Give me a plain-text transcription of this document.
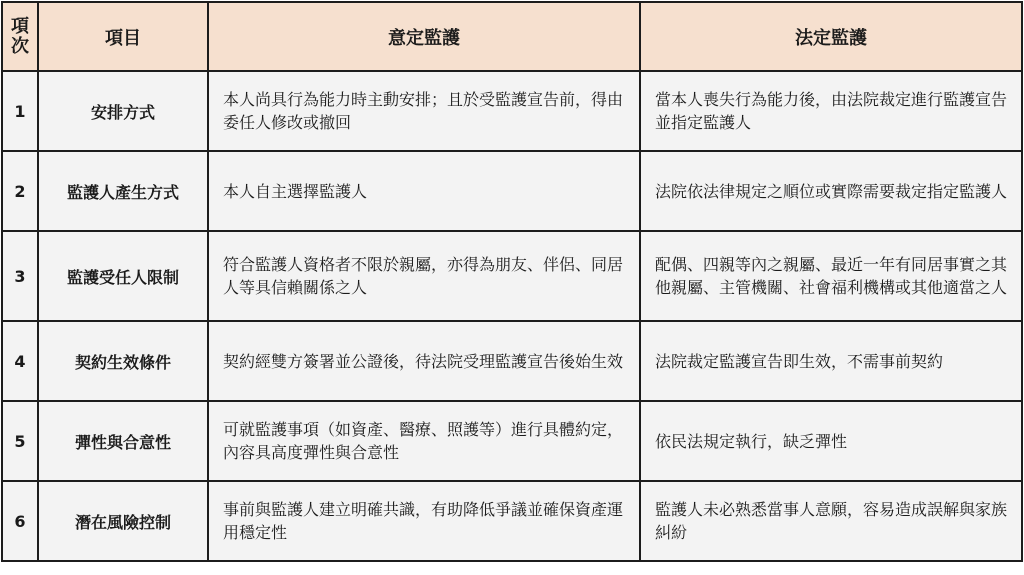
項次	項目	意定監護	法定監護
1	安排方式	本人尚具行為能力時主動安排；且於受監護宣告前，得由委任人修改或撤回	當本人喪失行為能力後，由法院裁定進行監護宣告並指定監護人
2	監護人產生方式	本人自主選擇監護人	法院依法律規定之順位或實際需要裁定指定監護人
3	監護受任人限制	符合監護人資格者不限於親屬，亦得為朋友、伴侶、同居人等具信賴關係之人	配偶、四親等內之親屬、最近一年有同居事實之其他親屬、主管機關、社會福利機構或其他適當之人
4	契約生效條件	契約經雙方簽署並公證後，待法院受理監護宣告後始生效	法院裁定監護宣告即生效，不需事前契約
5	彈性與合意性	可就監護事項（如資產、醫療、照護等）進行具體約定，內容具高度彈性與合意性	依民法規定執行，缺乏彈性
6	潛在風險控制	事前與監護人建立明確共識，有助降低爭議並確保資產運用穩定性	監護人未必熟悉當事人意願，容易造成誤解與家族糾紛
